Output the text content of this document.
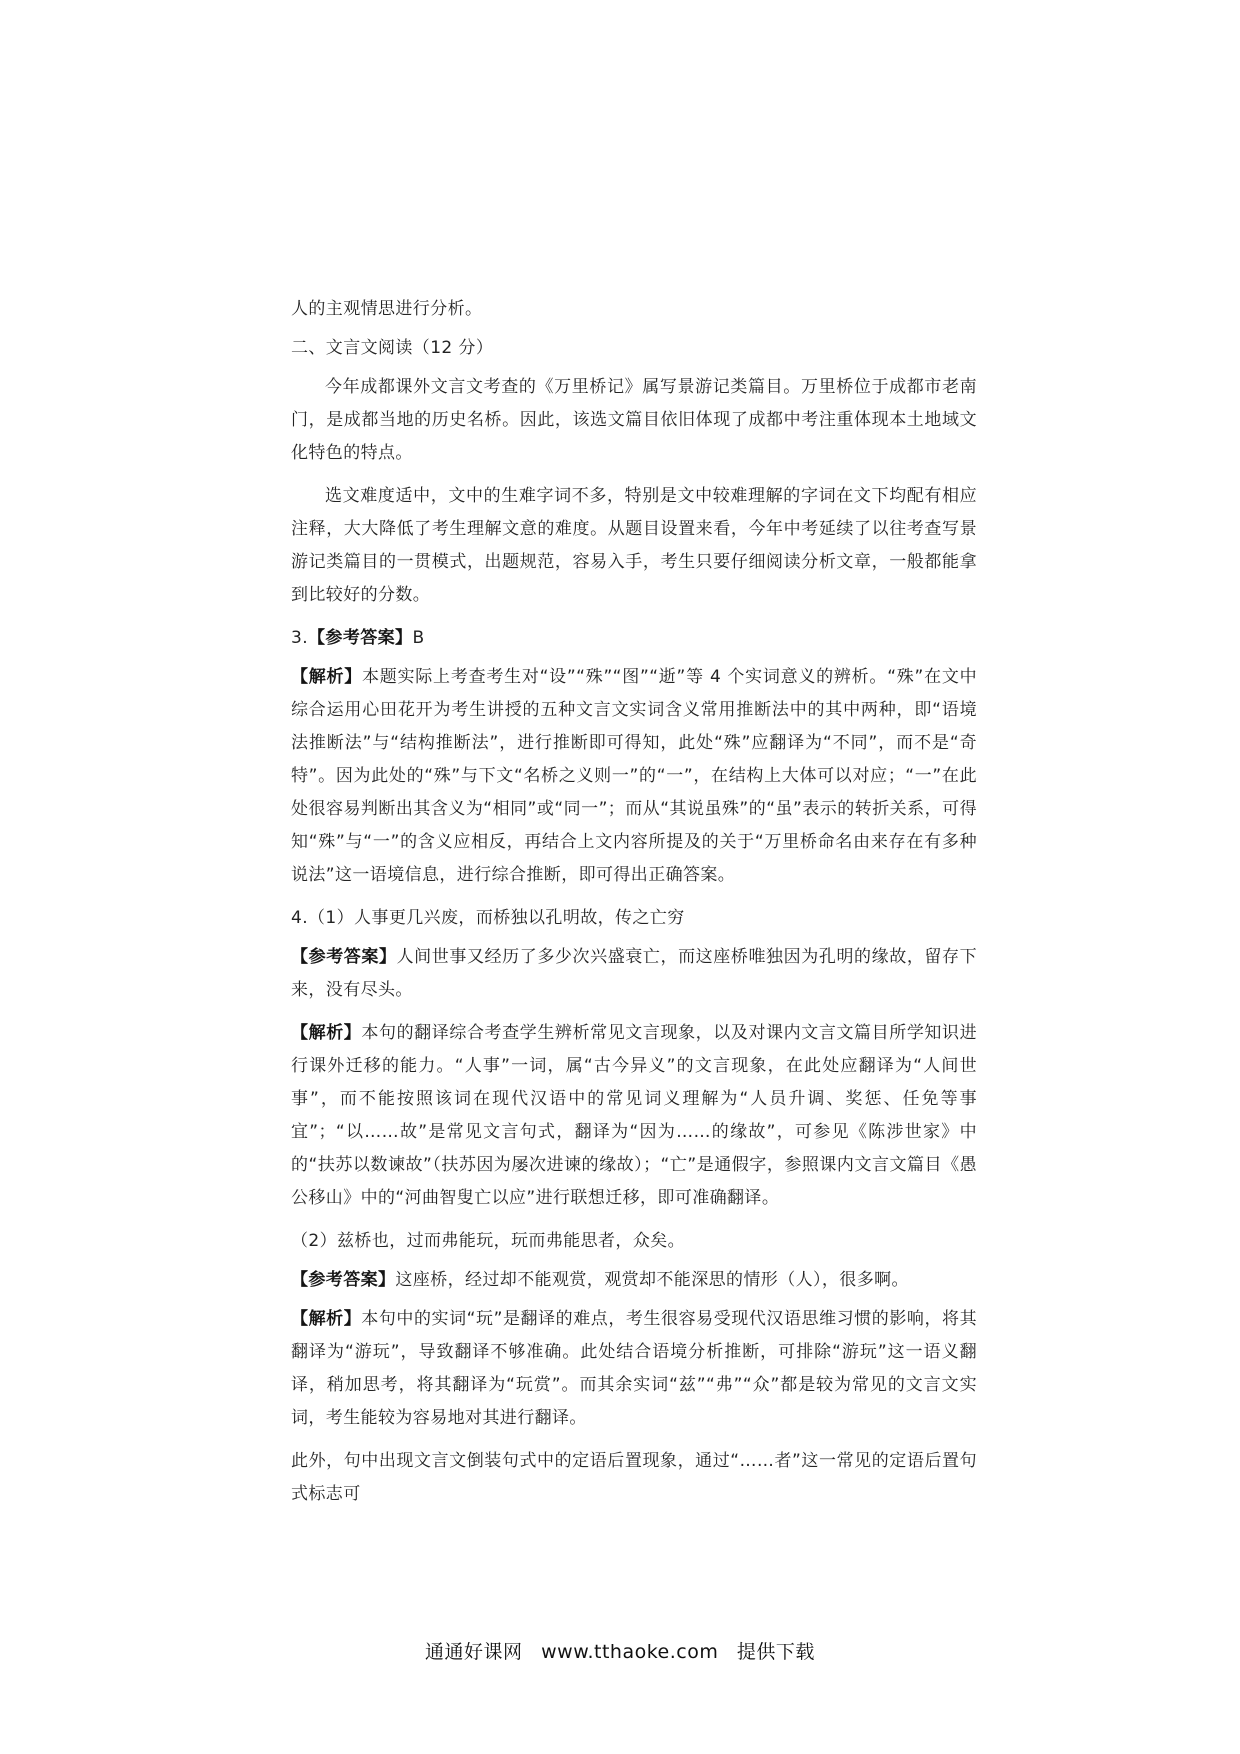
人的主观情思进行分析。

二、文言文阅读（12 分）

今年成都课外文言文考查的《万里桥记》属写景游记类篇目。万里桥位于成都市老南门，是成都当地的历史名桥。因此，该选文篇目依旧体现了成都中考注重体现本土地域文化特色的特点。

选文难度适中，文中的生难字词不多，特别是文中较难理解的字词在文下均配有相应注释，大大降低了考生理解文意的难度。从题目设置来看，今年中考延续了以往考查写景游记类篇目的一贯模式，出题规范，容易入手，考生只要仔细阅读分析文章，一般都能拿到比较好的分数。

3.【参考答案】B

【解析】本题实际上考查考生对“设”“殊”“图”“逝”等 4 个实词意义的辨析。“殊”在文中综合运用心田花开为考生讲授的五种文言文实词含义常用推断法中的其中两种，即“语境法推断法”与“结构推断法”，进行推断即可得知，此处“殊”应翻译为“不同”，而不是“奇特”。因为此处的“殊”与下文“名桥之义则一”的“一”，在结构上大体可以对应；“一”在此处很容易判断出其含义为“相同”或“同一”；而从“其说虽殊”的“虽”表示的转折关系，可得知“殊”与“一”的含义应相反，再结合上文内容所提及的关于“万里桥命名由来存在有多种说法”这一语境信息，进行综合推断，即可得出正确答案。

4.（1）人事更几兴废，而桥独以孔明故，传之亡穷

【参考答案】人间世事又经历了多少次兴盛衰亡，而这座桥唯独因为孔明的缘故，留存下来，没有尽头。

【解析】本句的翻译综合考查学生辨析常见文言现象，以及对课内文言文篇目所学知识进行课外迁移的能力。“人事”一词，属“古今异义”的文言现象，在此处应翻译为“人间世事”，而不能按照该词在现代汉语中的常见词义理解为“人员升调、奖惩、任免等事宜”；“以……故”是常见文言句式，翻译为“因为……的缘故”，可参见《陈涉世家》中的“扶苏以数谏故”（扶苏因为屡次进谏的缘故）；“亡”是通假字，参照课内文言文篇目《愚公移山》中的“河曲智叟亡以应”进行联想迁移，即可准确翻译。

（2）兹桥也，过而弗能玩，玩而弗能思者，众矣。

【参考答案】这座桥，经过却不能观赏，观赏却不能深思的情形（人），很多啊。

【解析】本句中的实词“玩”是翻译的难点，考生很容易受现代汉语思维习惯的影响，将其翻译为“游玩”，导致翻译不够准确。此处结合语境分析推断，可排除“游玩”这一语义翻译，稍加思考，将其翻译为“玩赏”。而其余实词“兹”“弗”“众”都是较为常见的文言文实词，考生能较为容易地对其进行翻译。

此外，句中出现文言文倒装句式中的定语后置现象，通过“……者”这一常见的定语后置句式标志可

通通好课网 www.tthaoke.com 提供下载
